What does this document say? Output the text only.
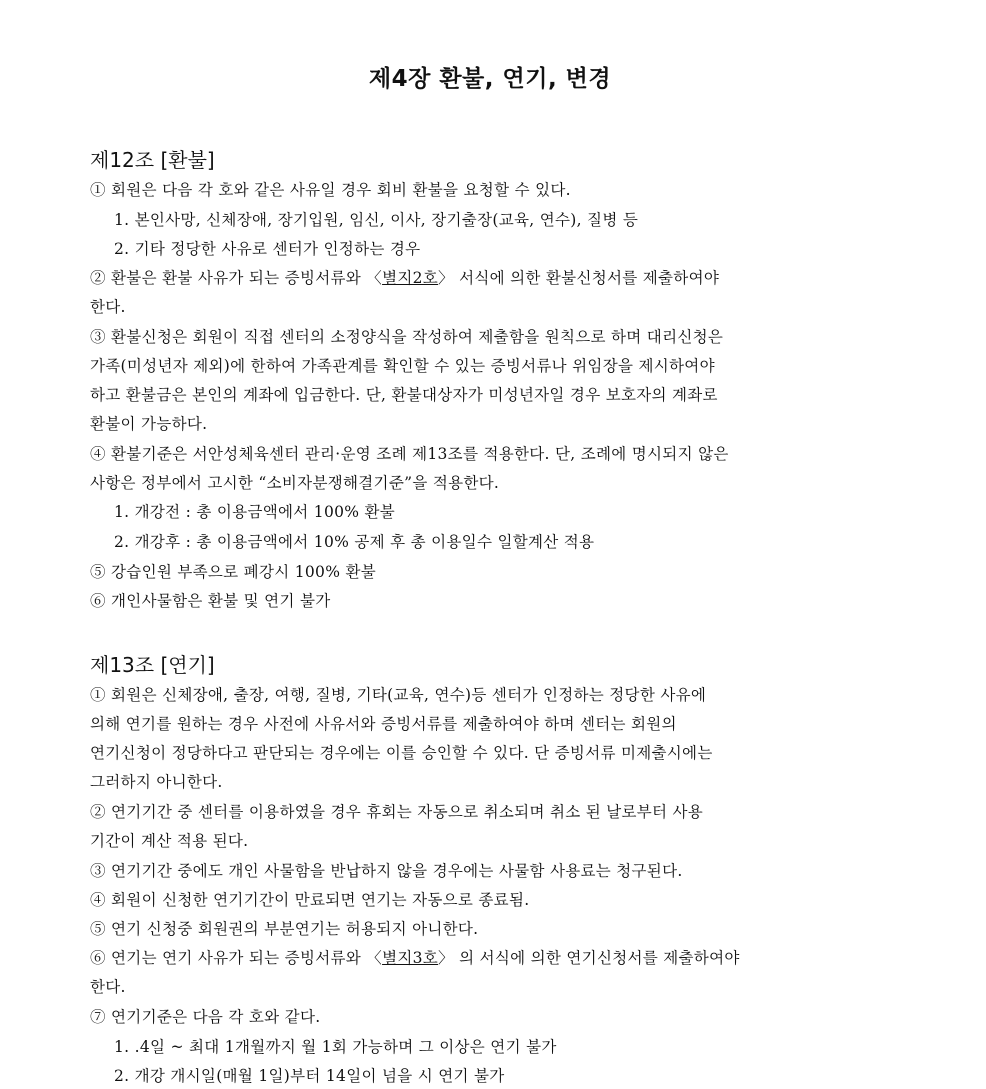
제4장 환불, 연기, 변경
제12조 [환불]
① 회원은 다음 각 호와 같은 사유일 경우 회비 환불을 요청할 수 있다.
1. 본인사망, 신체장애, 장기입원, 임신, 이사, 장기출장(교육, 연수), 질병 등
2. 기타 정당한 사유로 센터가 인정하는 경우
② 환불은 환불 사유가 되는 증빙서류와 〈별지2호〉 서식에 의한 환불신청서를 제출하여야
한다.
③ 환불신청은 회원이 직접 센터의 소정양식을 작성하여 제출함을 원칙으로 하며 대리신청은
가족(미성년자 제외)에 한하여 가족관계를 확인할 수 있는 증빙서류나 위임장을 제시하여야
하고 환불금은 본인의 계좌에 입금한다. 단, 환불대상자가 미성년자일 경우 보호자의 계좌로
환불이 가능하다.
④ 환불기준은 서안성체육센터 관리·운영 조례 제13조를 적용한다. 단, 조례에 명시되지 않은
사항은 정부에서 고시한 “소비자분쟁해결기준”을 적용한다.
1. 개강전 : 총 이용금액에서 100% 환불
2. 개강후 : 총 이용금액에서 10% 공제 후 총 이용일수 일할계산 적용
⑤ 강습인원 부족으로 폐강시 100% 환불
⑥ 개인사물함은 환불 및 연기 불가
제13조 [연기]
① 회원은 신체장애, 출장, 여행, 질병, 기타(교육, 연수)등 센터가 인정하는 정당한 사유에
의해 연기를 원하는 경우 사전에 사유서와 증빙서류를 제출하여야 하며 센터는 회원의
연기신청이 정당하다고 판단되는 경우에는 이를 승인할 수 있다. 단 증빙서류 미제출시에는
그러하지 아니한다.
② 연기기간 중 센터를 이용하였을 경우 휴회는 자동으로 취소되며 취소 된 날로부터 사용
기간이 계산 적용 된다.
③ 연기기간 중에도 개인 사물함을 반납하지 않을 경우에는 사물함 사용료는 청구된다.
④ 회원이 신청한 연기기간이 만료되면 연기는 자동으로 종료됨.
⑤ 연기 신청중 회원권의 부분연기는 허용되지 아니한다.
⑥ 연기는 연기 사유가 되는 증빙서류와 〈별지3호〉 의 서식에 의한 연기신청서를 제출하여야
한다.
⑦ 연기기준은 다음 각 호와 같다.
1. .4일 ~ 최대 1개월까지 월 1회 가능하며 그 이상은 연기 불가
2. 개강 개시일(매월 1일)부터 14일이 넘을 시 연기 불가
